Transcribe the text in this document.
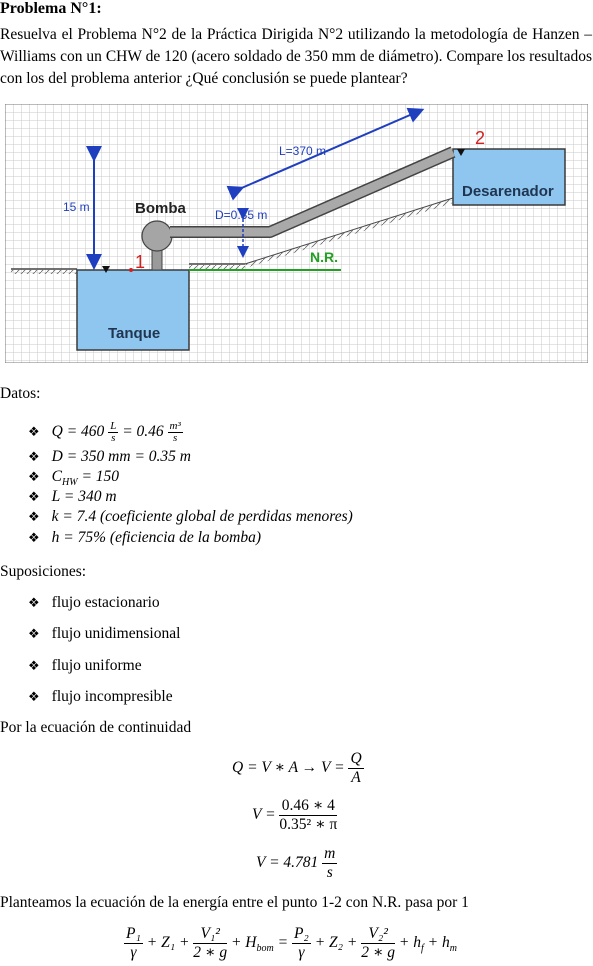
Problema N°1:
Resuelva el Problema N°2 de la Práctica Dirigida N°2 utilizando la metodología de Hanzen – Williams con un CHW de 120 (acero soldado de 350 mm de diámetro). Compare los resultados con los del problema anterior ¿Qué conclusión se puede plantear?
L=370 m
2
Desarenador
15 m	Bomba D=0.35 m
N.R.
1
Tanque
Datos:
❖ $Q = 460 \frac{L}{s} = 0.46 \frac{\text{m³}}{s}$
❖ D = 350 mm = 0.35 m
❖ $C_{HW} = 150$
❖ L = 340 m
❖ k = 7.4 (coeficiente global de perdidas menores)
❖ h = 75% (eficiencia de la bomba)
Suposiciones:
❖ flujo estacionario
❖ flujo unidimensional
❖ flujo uniforme
❖ flujo incompresible
Por la ecuación de continuidad
Q = V ∗ $A \to V = \frac{Q}{A}$
$V = \frac{0.46 ∗ 4}{\text{0.35² ∗ π}}$
$V = 4.781 \frac{m}{s}$
Planteamos la ecuación de la energía entre el punto 1-2 con N.R. pasa por 1
$\frac{\text{P₁}}{\gamma} + Z_1 + \frac{\text{V₁²}}{2 ∗ g} + H_{bom} = \frac{\text{P₂}}{\gamma} + Z_2 + \frac{\text{V₂²}}{2 ∗ g} + h_f + h_m$
